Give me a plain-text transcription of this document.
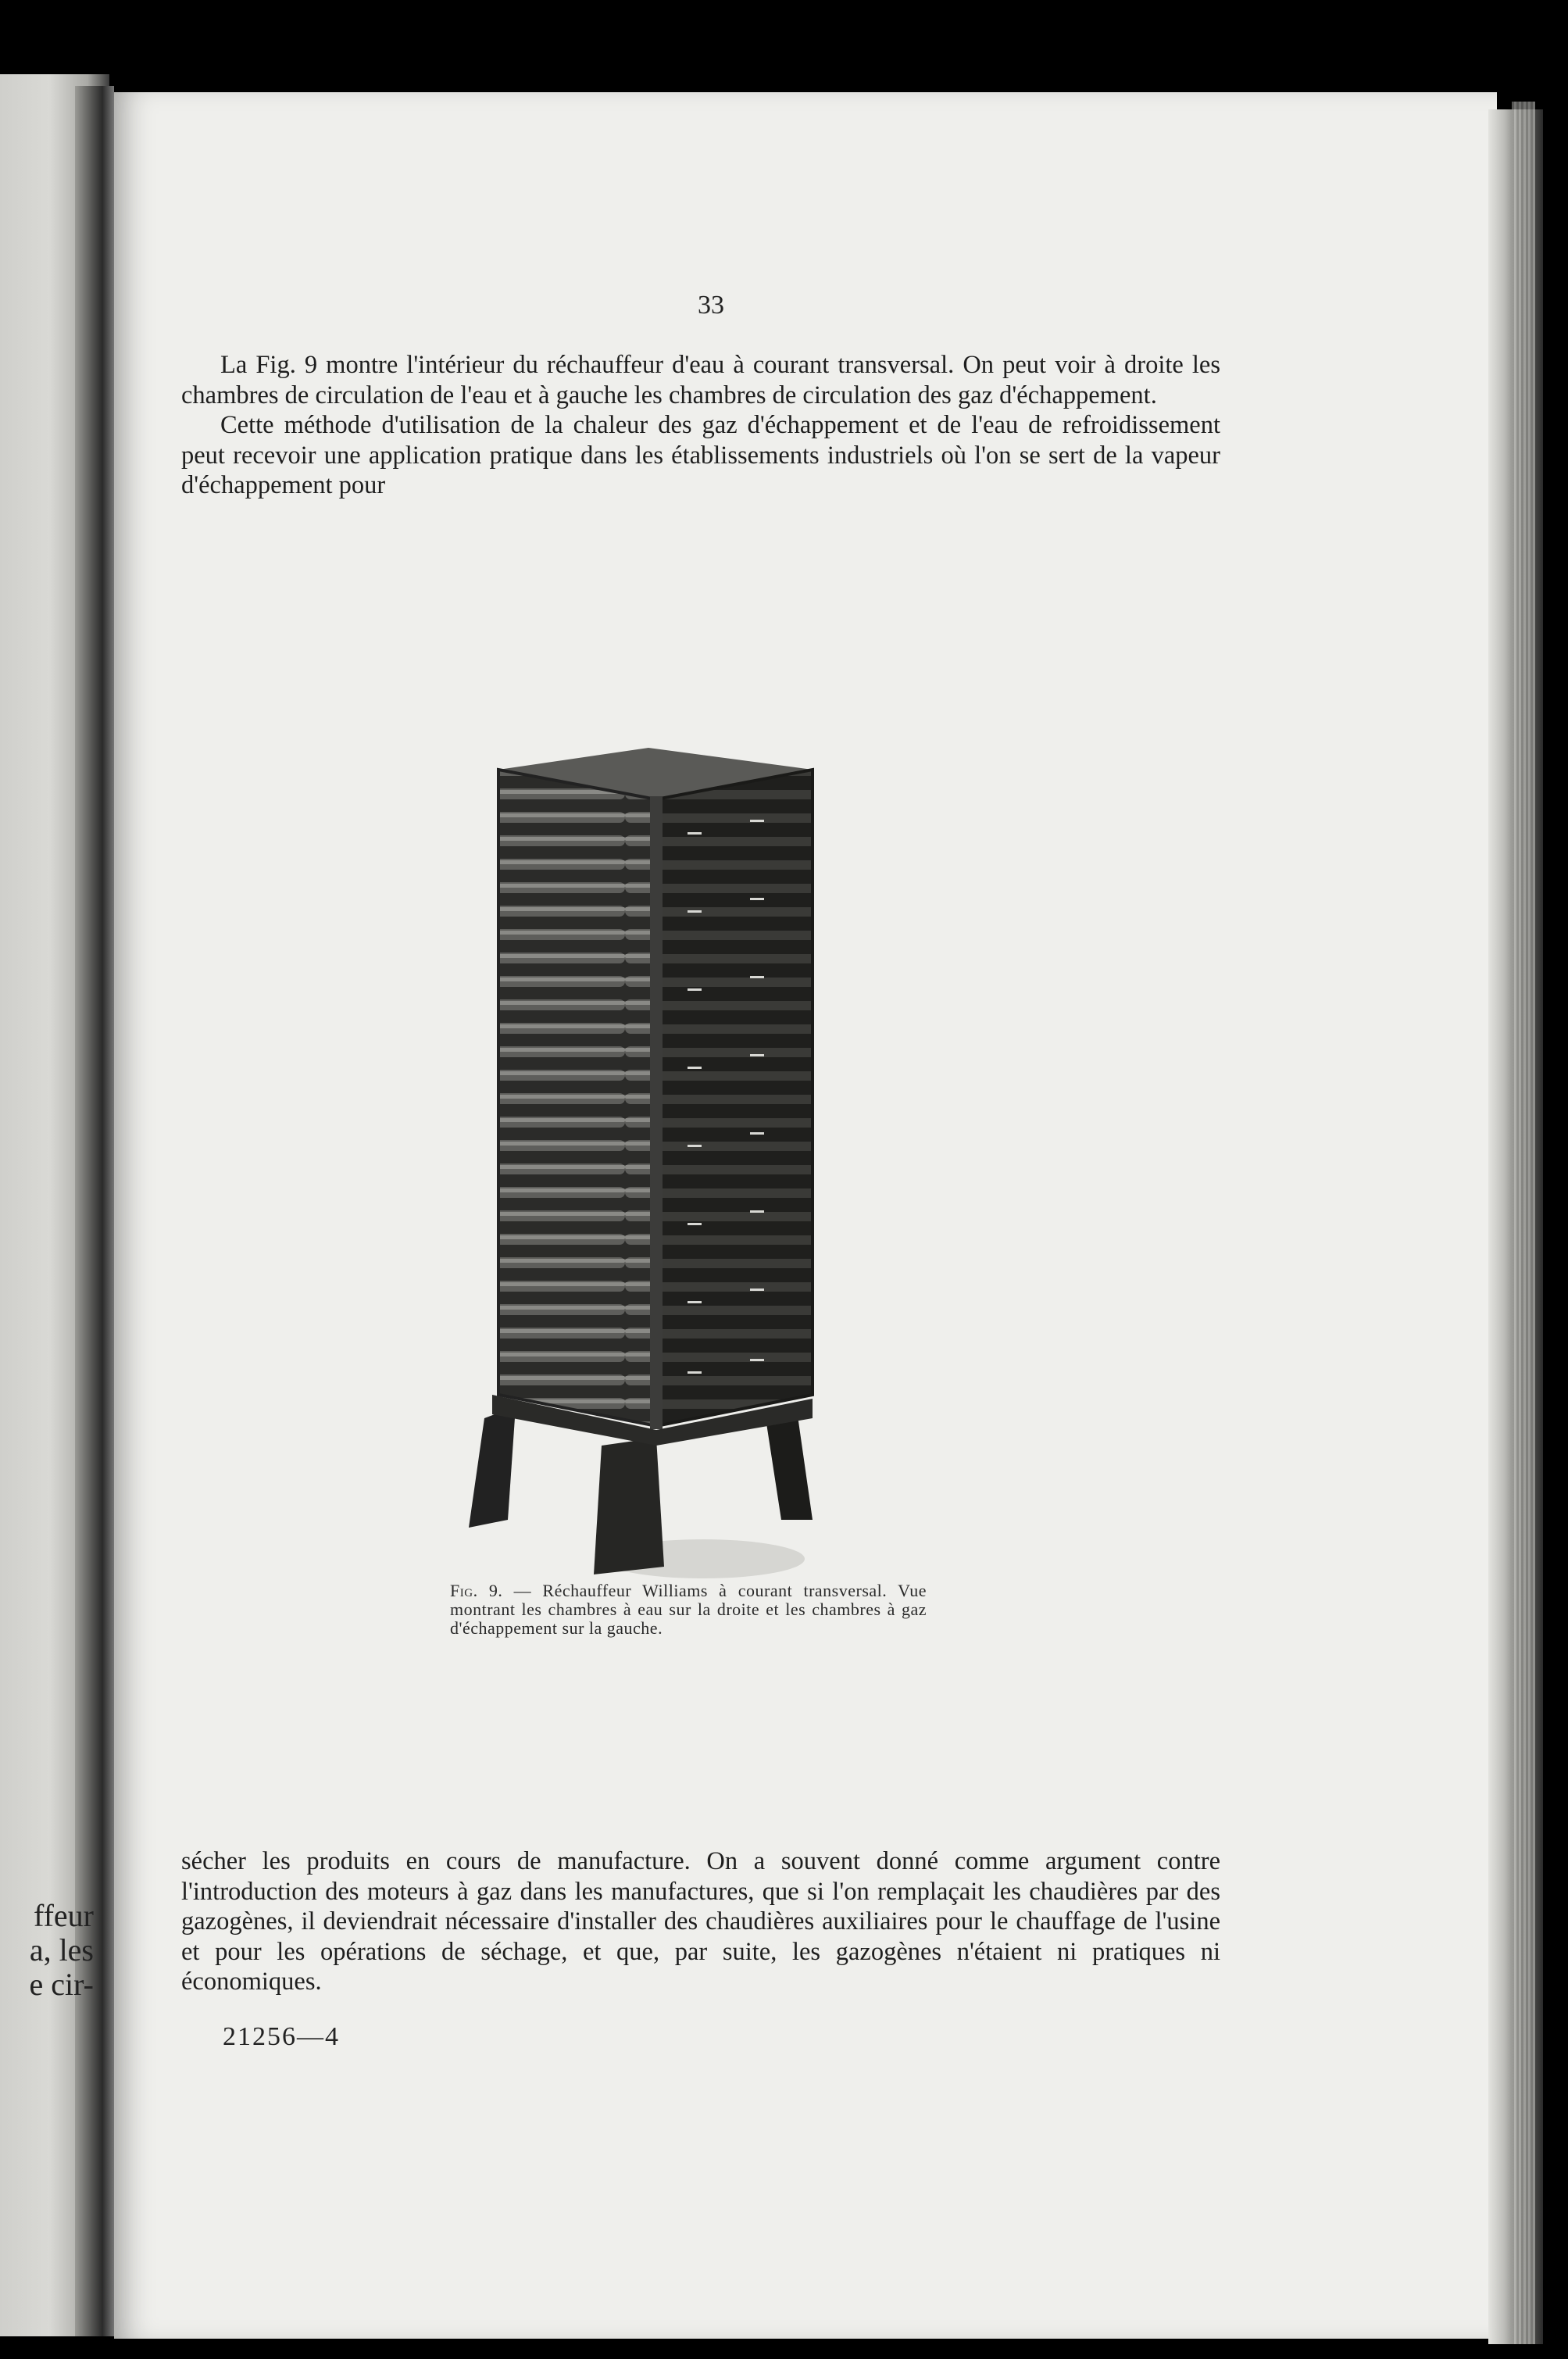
ffeur
a, les
e cir-
33

La Fig. 9 montre l'intérieur du réchauffeur d'eau à courant transversal. On peut voir à droite les chambres de circulation de l'eau et à gauche les chambres de circulation des gaz d'échappement.

Cette méthode d'utilisation de la chaleur des gaz d'échappement et de l'eau de refroidissement peut recevoir une application pratique dans les établissements industriels où l'on se sert de la vapeur d'échappement pour

Fig. 9. — Réchauffeur Williams à courant transversal. Vue montrant les chambres à eau sur la droite et les chambres à gaz d'échappement sur la gauche.

sécher les produits en cours de manufacture. On a souvent donné comme argument contre l'introduction des moteurs à gaz dans les manufactures, que si l'on remplaçait les chaudières par des gazogènes, il deviendrait nécessaire d'installer des chaudières auxiliaires pour le chauffage de l'usine et pour les opérations de séchage, et que, par suite, les gazogènes n'étaient ni pratiques ni économiques.

21256—4
